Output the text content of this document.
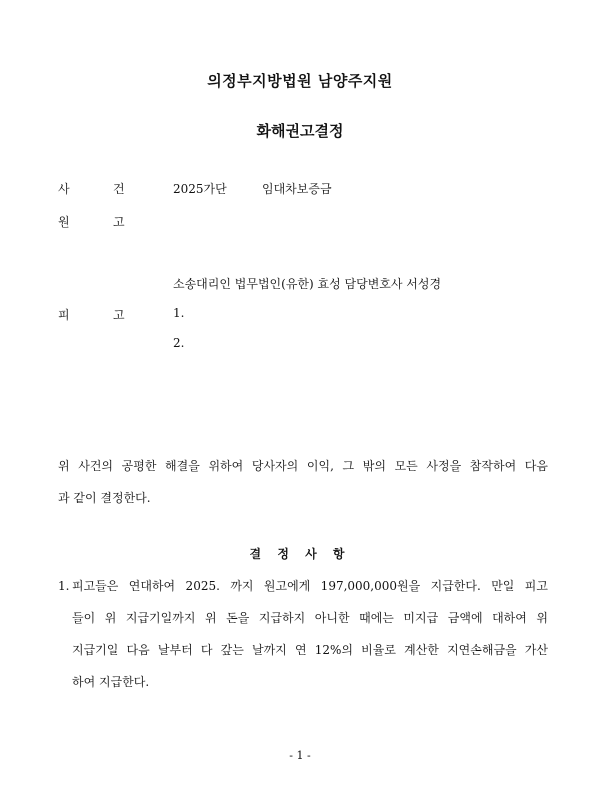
의정부지방법원 남양주지원
화해권고결정
사	건	2025가단	임대차보증금
원	고
소송대리인 법무법인(유한) 효성 담당변호사 서성경
피	고	1.
2.
위 사건의 공평한 해결을 위하여 당사자의 이익, 그 밖의 모든 사정을 참작하여 다음
과 같이 결정한다.
결 정 사 항
1. 피고들은 연대하여 2025. 까지 원고에게 197,000,000원을 지급한다. 만일 피고
들이 위 지급기일까지 위 돈을 지급하지 아니한 때에는 미지급 금액에 대하여 위
지급기일 다음 날부터 다 갚는 날까지 연 12%의 비율로 계산한 지연손해금을 가산
하여 지급한다.
- 1 -
